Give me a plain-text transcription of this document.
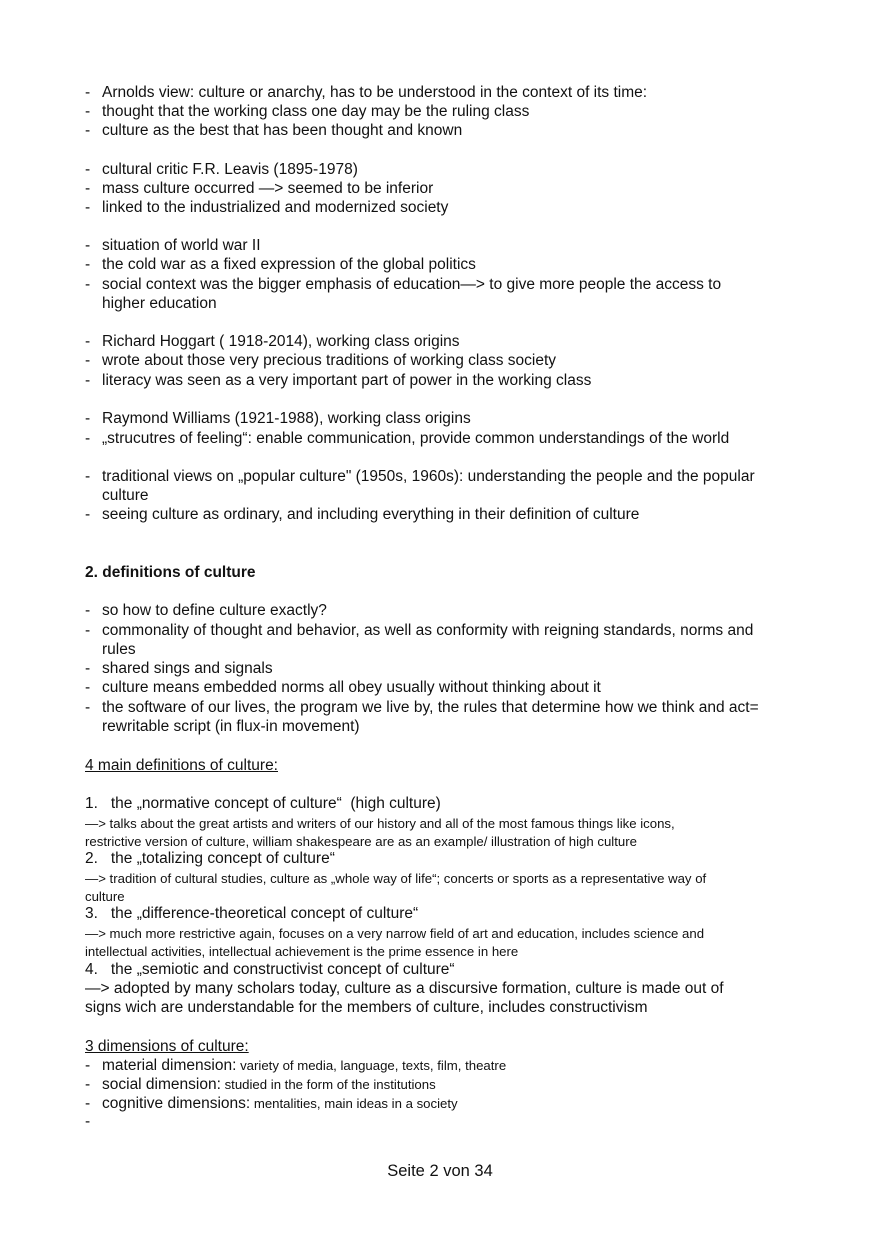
- Arnolds view: culture or anarchy, has to be understood in the context of its time:
- thought that the working class one day may be the ruling class
- culture as the best that has been thought and known
- cultural critic F.R. Leavis (1895-1978)
- mass culture occurred —> seemed to be inferior
- linked to the industrialized and modernized society
- situation of world war II
- the cold war as a fixed expression of the global politics
- social context was the bigger emphasis of education—> to give more people the access to
higher education
- Richard Hoggart ( 1918-2014), working class origins
- wrote about those very precious traditions of working class society
- literacy was seen as a very important part of power in the working class
- Raymond Williams (1921-1988), working class origins
- „strucutres of feeling“: enable communication, provide common understandings of the world
- traditional views on „popular culture" (1950s, 1960s): understanding the people and the popular
culture
- seeing culture as ordinary, and including everything in their definition of culture
2. definitions of culture
- so how to define culture exactly?
- commonality of thought and behavior, as well as conformity with reigning standards, norms and
rules
- shared sings and signals
- culture means embedded norms all obey usually without thinking about it
- the software of our lives, the program we live by, the rules that determine how we think and act=
rewritable script (in flux-in movement)
4 main definitions of culture:
1.   the „normative concept of culture“  (high culture)
—> talks about the great artists and writers of our history and all of the most famous things like icons,
restrictive version of culture, william shakespeare are as an example/ illustration of high culture
2.   the „totalizing concept of culture“
—> tradition of cultural studies, culture as „whole way of life“; concerts or sports as a representative way of
culture
3.   the „difference-theoretical concept of culture“
—> much more restrictive again, focuses on a very narrow field of art and education, includes science and
intellectual activities, intellectual achievement is the prime essence in here
4.   the „semiotic and constructivist concept of culture“
—> adopted by many scholars today, culture as a discursive formation, culture is made out of
signs wich are understandable for the members of culture, includes constructivism
3 dimensions of culture:
- material dimension: variety of media, language, texts, film, theatre
- social dimension: studied in the form of the institutions
- cognitive dimensions: mentalities, main ideas in a society
-
Seite 2 von 34
